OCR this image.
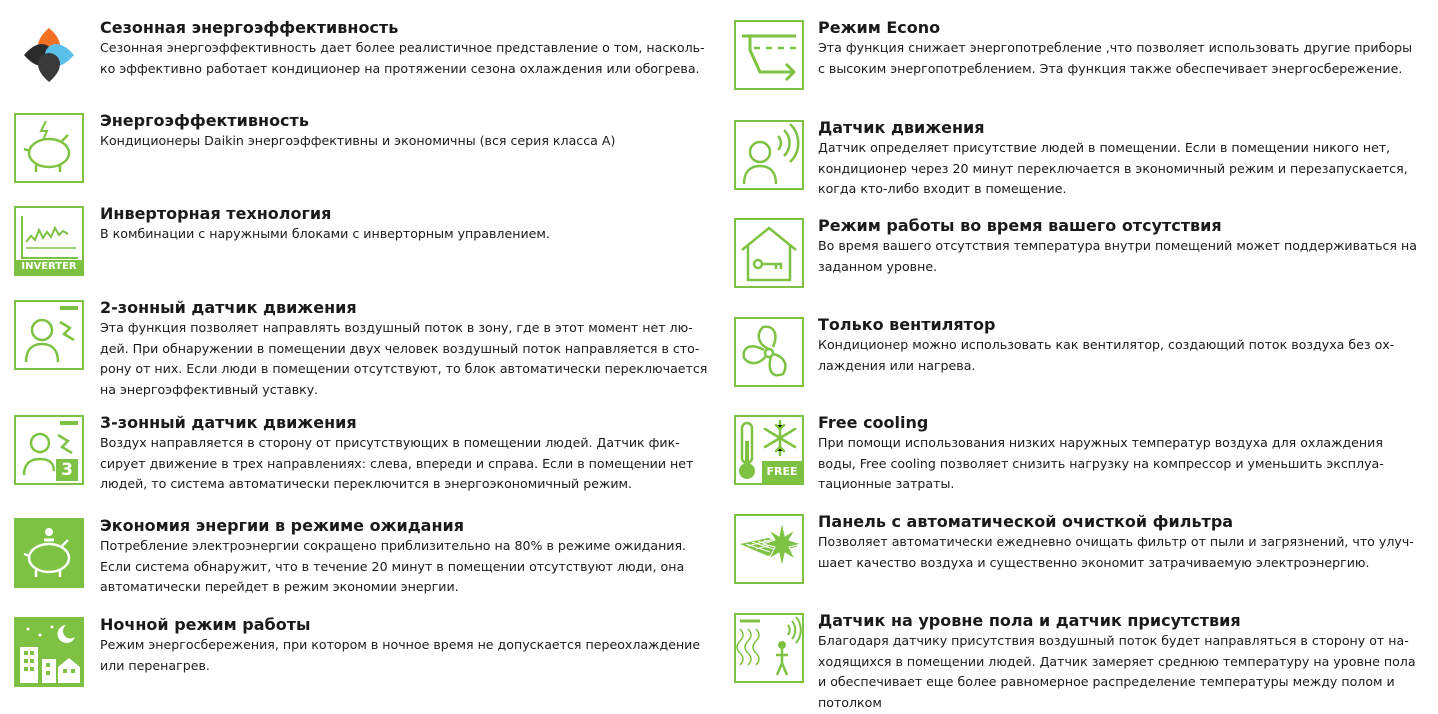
Сезонная энергоэффективность
Сезонная энергоэффективность дает более реалистичное представление о том, насколь-
ко эффективно работает кондиционер на протяжении сезона охлаждения или обогрева.
Энергоэффективность
Кондиционеры Daikin энергоэффективны и экономичны (вся серия класса А)
INVERTER
Инверторная технология
В комбинации с наружными блоками с инверторным управлением.
2-зонный датчик движения
Эта функция позволяет направлять воздушный поток в зону, где в этот момент нет лю-
дей. При обнаружении в помещении двух человек воздушный поток направляется в сто-
рону от них. Если люди в помещении отсутствуют, то блок автоматически переключается
на энергоэффективный уставку.
3
3-зонный датчик движения
Воздух направляется в сторону от присутствующих в помещении людей. Датчик фик-
сирует движение в трех направлениях: слева, впереди и справа. Если в помещении нет
людей, то система автоматически переключится в энергоэкономичный режим.
Экономия энергии в режиме ожидания
Потребление электроэнергии сокращено приблизительно на 80% в режиме ожидания.
Если система обнаружит, что в течение 20 минут в помещении отсутствуют люди, она
автоматически перейдет в режим экономии энергии.
Ночной режим работы
Режим энергосбережения, при котором в ночное время не допускается переохлаждение
или перенагрев.
Режим Econo
Эта функция снижает энергопотребление ,что позволяет использовать другие приборы
с высоким энергопотреблением. Эта функция также обеспечивает энергосбережение.
Датчик движения
Датчик определяет присутствие людей в помещении. Если в помещении никого нет,
кондиционер через 20 минут переключается в экономичный режим и перезапускается,
когда кто-либо входит в помещение.
Режим работы во время вашего отсутствия
Во время вашего отсутствия температура внутри помещений может поддерживаться на
заданном уровне.
Только вентилятор
Кондиционер можно использовать как вентилятор, создающий поток воздуха без ох-
лаждения или нагрева.
FREE
Free cooling
При помощи использования низких наружных температур воздуха для охлаждения
воды, Free cooling позволяет снизить нагрузку на компрессор и уменьшить эксплуа-
тационные затраты.
Панель с автоматической очисткой фильтра
Позволяет автоматически ежедневно очищать фильтр от пыли и загрязнений, что улуч-
шает качество воздуха и существенно экономит затрачиваемую электроэнергию.
Датчик на уровне пола и датчик присутствия
Благодаря датчику присутствия воздушный поток будет направляться в сторону от на-
ходящихся в помещении людей. Датчик замеряет среднюю температуру на уровне пола
и обеспечивает еще более равномерное распределение температуры между полом и
потолком
